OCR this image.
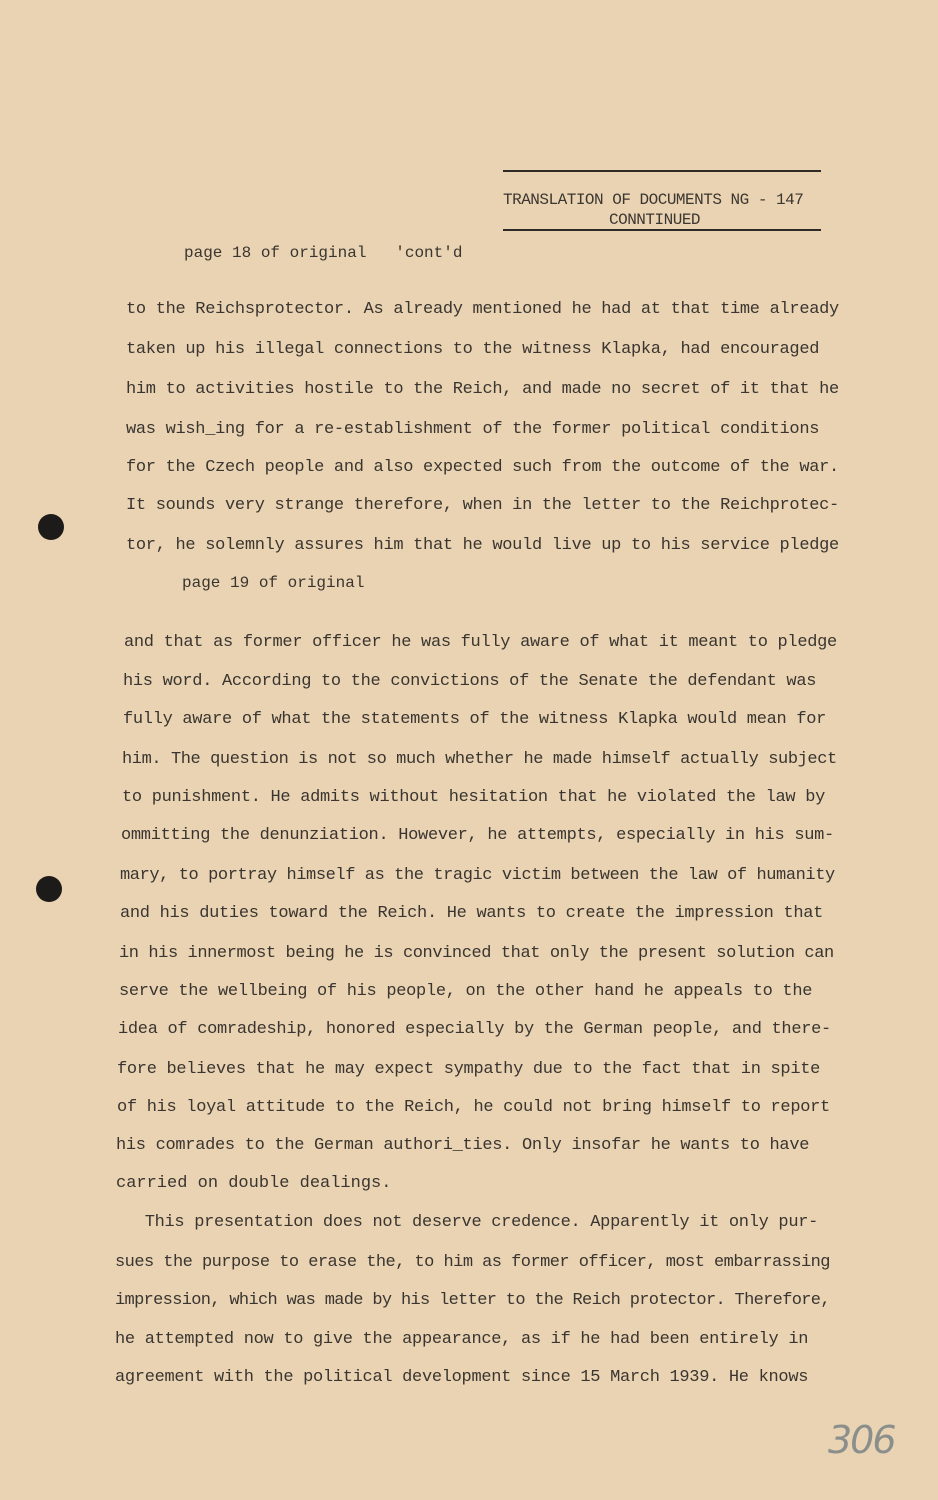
TRANSLATION OF DOCUMENTS NG - 147
CONNTINUED
page 18 of original   'cont'd
to the Reichsprotector. As already mentioned he had at that time already
taken up his illegal connections to the witness Klapka, had encouraged
him to activities hostile to the Reich, and made no secret of it that he
was wish_ing for a re-establishment of the former political conditions
for the Czech people and also expected such from the outcome of the war.
It sounds very strange therefore, when in the letter to the Reichprotec-
tor, he solemnly assures him that he would live up to his service pledge
page 19 of original
and that as former officer he was fully aware of what it meant to pledge
his word. According to the convictions of the Senate the defendant was
fully aware of what the statements of the witness Klapka would mean for
him. The question is not so much whether he made himself actually subject
to punishment. He admits without hesitation that he violated the law by
ommitting the denunziation. However, he attempts, especially in his sum-
mary, to portray himself as the tragic victim between the law of humanity
and his duties toward the Reich. He wants to create the impression that
in his innermost being he is convinced that only the present solution can
serve the wellbeing of his people, on the other hand he appeals to the
idea of comradeship, honored especially by the German people, and there-
fore believes that he may expect sympathy due to the fact that in spite
of his loyal attitude to the Reich, he could not bring himself to report
his comrades to the German authori_ties. Only insofar he wants to have
carried on double dealings.
This presentation does not deserve credence. Apparently it only pur-
sues the purpose to erase the, to him as former officer, most embarrassing
impression, which was made by his letter to the Reich protector. Therefore,
he attempted now to give the appearance, as if he had been entirely in
agreement with the political development since 15 March 1939. He knows
306
